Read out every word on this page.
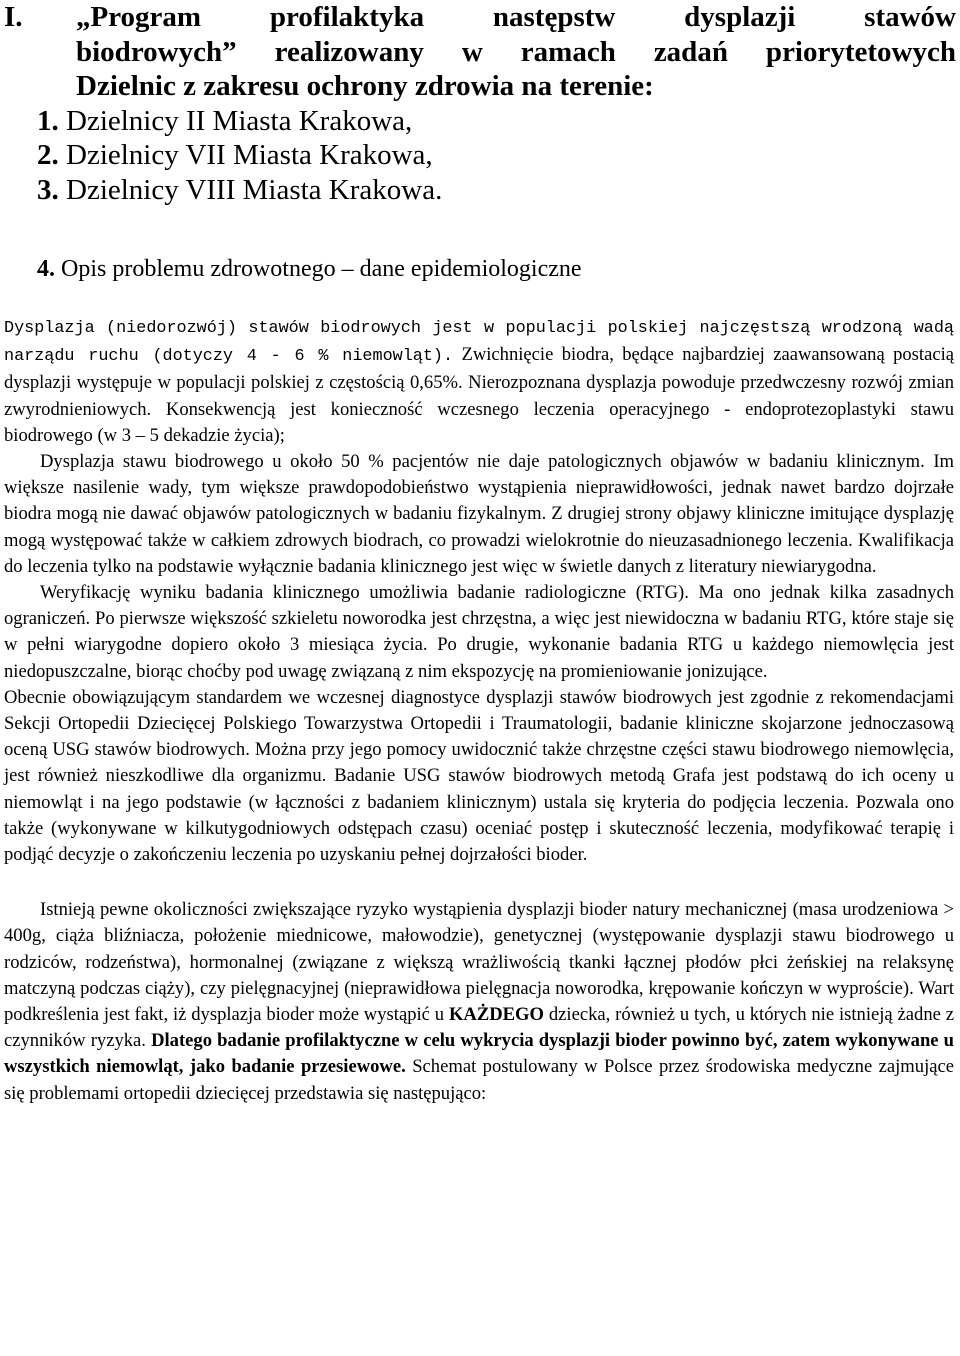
I. „Program profilaktyka następstw dysplazji stawów
biodrowych” realizowany w ramach zadań priorytetowych
Dzielnic z zakresu ochrony zdrowia na terenie:
1. Dzielnicy II Miasta Krakowa,
2. Dzielnicy VII Miasta Krakowa,
3. Dzielnicy VIII Miasta Krakowa.
4. Opis problemu zdrowotnego – dane epidemiologiczne

Dysplazja (niedorozwój) stawów biodrowych jest w populacji polskiej najczęstszą wrodzoną wadą narządu ruchu (dotyczy 4 - 6 % niemowląt). Zwichnięcie biodra, będące najbardziej zaawansowaną postacią dysplazji występuje w populacji polskiej z częstością 0,65%. Nierozpoznana dysplazja powoduje przedwczesny rozwój zmian zwyrodnieniowych. Konsekwencją jest konieczność wczesnego leczenia operacyjnego - endoprotezoplastyki stawu biodrowego (w 3 – 5 dekadzie życia);

Dysplazja stawu biodrowego u około 50 % pacjentów nie daje patologicznych objawów w badaniu klinicznym. Im większe nasilenie wady, tym większe prawdopodobieństwo wystąpienia nieprawidłowości, jednak nawet bardzo dojrzałe biodra mogą nie dawać objawów patologicznych w badaniu fizykalnym. Z drugiej strony objawy kliniczne imitujące dysplazję mogą występować także w całkiem zdrowych biodrach, co prowadzi wielokrotnie do nieuzasadnionego leczenia. Kwalifikacja do leczenia tylko na podstawie wyłącznie badania klinicznego jest więc w świetle danych z literatury niewiarygodna.

Weryfikację wyniku badania klinicznego umożliwia badanie radiologiczne (RTG). Ma ono jednak kilka zasadnych ograniczeń. Po pierwsze większość szkieletu noworodka jest chrzęstna, a więc jest niewidoczna w badaniu RTG, które staje się w pełni wiarygodne dopiero około 3 miesiąca życia. Po drugie, wykonanie badania RTG u każdego niemowlęcia jest niedopuszczalne, biorąc choćby pod uwagę związaną z nim ekspozycję na promieniowanie jonizujące.

Obecnie obowiązującym standardem we wczesnej diagnostyce dysplazji stawów biodrowych jest zgodnie z rekomendacjami Sekcji Ortopedii Dziecięcej Polskiego Towarzystwa Ortopedii i Traumatologii, badanie kliniczne skojarzone jednoczasową oceną USG stawów biodrowych. Można przy jego pomocy uwidocznić także chrzęstne części stawu biodrowego niemowlęcia, jest również nieszkodliwe dla organizmu. Badanie USG stawów biodrowych metodą Grafa jest podstawą do ich oceny u niemowląt i na jego podstawie (w łączności z badaniem klinicznym) ustala się kryteria do podjęcia leczenia. Pozwala ono także (wykonywane w kilkutygodniowych odstępach czasu) oceniać postęp i skuteczność leczenia, modyfikować terapię i podjąć decyzje o zakończeniu leczenia po uzyskaniu pełnej dojrzałości bioder.

Istnieją pewne okoliczności zwiększające ryzyko wystąpienia dysplazji bioder natury mechanicznej (masa urodzeniowa > 400g, ciąża bliźniacza, położenie miednicowe, małowodzie), genetycznej (występowanie dysplazji stawu biodrowego u rodziców, rodzeństwa), hormonalnej (związane z większą wrażliwością tkanki łącznej płodów płci żeńskiej na relaksynę matczyną podczas ciąży), czy pielęgnacyjnej (nieprawidłowa pielęgnacja noworodka, krępowanie kończyn w wyproście). Wart podkreślenia jest fakt, iż dysplazja bioder może wystąpić u KAŻDEGO dziecka, również u tych, u których nie istnieją żadne z czynników ryzyka. Dlatego badanie profilaktyczne w celu wykrycia dysplazji bioder powinno być, zatem wykonywane u wszystkich niemowląt, jako badanie przesiewowe. Schemat postulowany w Polsce przez środowiska medyczne zajmujące się problemami ortopedii dziecięcej przedstawia się następująco:
